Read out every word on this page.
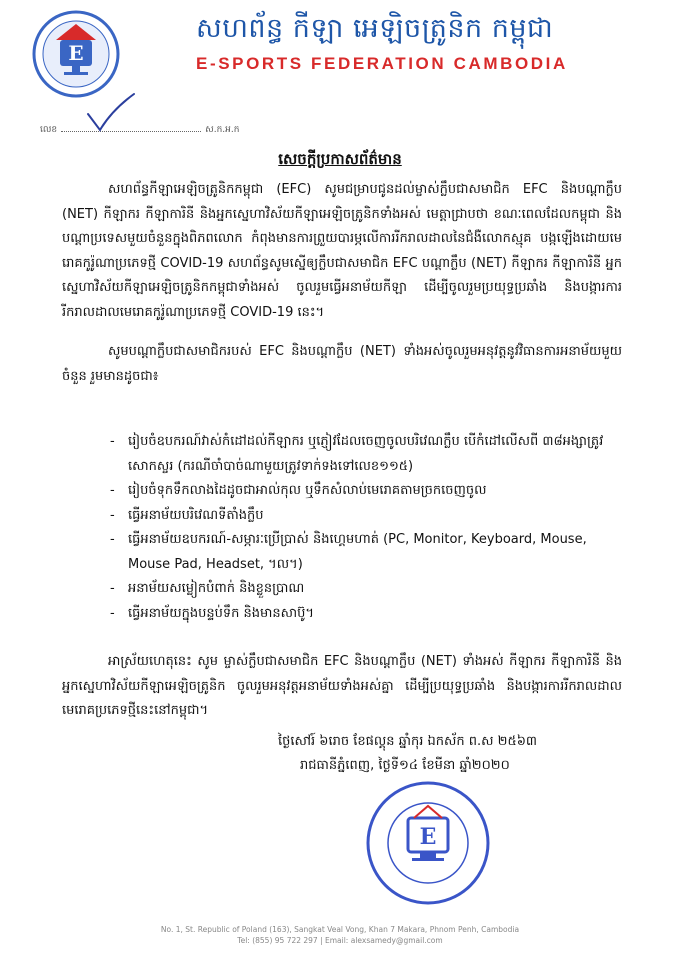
E
សហព័ន្ធ កីឡា អេឡិចត្រូនិក កម្ពុជា
E-SPORTS FEDERATION CAMBODIA
លេខ	ស.ក.អ.ក
សេចក្តីប្រកាសព័ត៌មាន
សហព័ន្ធកីឡាអេឡិចត្រូនិកកម្ពុជា (EFC) សូមជម្រាបជូនដល់ម្ចាស់ក្លឹបជាសមាជិក EFC និងបណ្តាក្លឹប (NET) កីឡាករ កីឡាការិនី និងអ្នកស្នេហាវិស័យកីឡាអេឡិចត្រូនិកទាំងអស់ មេត្តាជ្រាបថា ខណៈពេលដែលកម្ពុជា និងបណ្តាប្រទេសមួយចំនួនក្នុងពិភពលោក កំពុងមានការព្រួយបារម្ភលើការរីករាលដាលនៃជំងឺលោកស្មុគ បង្កឡើងដោយមេរោគកូរ៉ូណាប្រភេទថ្មី COVID-19 សហព័ន្ធសូមស្នើឲ្យក្លឹបជាសមាជិក EFC បណ្តាក្លឹប (NET) កីឡាករ កីឡាការិនី អ្នកស្នេហាវិស័យកីឡាអេឡិចត្រូនិកកម្ពុជាទាំងអស់ ចូលរួមធ្វើអនាម័យកីឡា ដើម្បីចូលរួមប្រយុទ្ធប្រឆាំង និងបង្ការការរីករាលដាលមេរោគកូរ៉ូណាប្រភេទថ្មី COVID-19 នេះ។
សូមបណ្តាក្លឹបជាសមាជិករបស់ EFC និងបណ្តាក្លឹប (NET) ទាំងអស់ចូលរួមអនុវត្តនូវវិធានការអនាម័យមួយចំនួន រួមមានដូចជា៖
- រៀបចំឧបករណ៍វាស់កំដៅដល់កីឡាករ ឬភ្ញៀវដែលចេញចូលបរិវេណក្លឹប បើកំដៅលើសពី ៣៨អង្សាត្រូវសោកស្ចរ (ករណីចាំបាច់ណាមួយត្រូវទាក់ទងទៅលេខ១១៥)
- រៀបចំទុកទឹកលាងដៃដូចជាអាល់កុល ឬទឹកសំលាប់មេរោគតាមច្រកចេញចូល
- ធ្វើអនាម័យបរិវេណទីតាំងក្លឹប
- ធ្វើអនាម័យឧបករណ៍-សម្ភារៈប្រើប្រាស់ និងហ្គេមហាត់ (PC, Monitor, Keyboard, Mouse, Mouse Pad, Headset, ។ល។)
- អនាម័យសម្លៀកបំពាក់ និងខ្លួនប្រាណ
- ធ្វើអនាម័យក្នុងបន្ទប់ទឹក និងមានសាប៊ូ។
អាស្រ័យហេតុនេះ សូម ម្ចាស់ក្លឹបជាសមាជិក EFC និងបណ្តាក្លឹប (NET) ទាំងអស់ កីឡាករ កីឡាការិនី និងអ្នកស្នេហាវិស័យកីឡាអេឡិចត្រូនិក ចូលរួមអនុវត្តអនាម័យទាំងអស់គ្នា ដើម្បីប្រយុទ្ធប្រឆាំង និងបង្ការការរីករាលដាលមេរោគប្រភេទថ្មីនេះនៅកម្ពុជា។
ថ្ងៃសៅរ៍ ៦រោច ខែផល្គុន ឆ្នាំកុរ ឯកស័ក ព.ស ២៥៦៣
រាជធានីភ្នំពេញ, ថ្ងៃទី១៤ ខែមីនា ឆ្នាំ២០២០
E
No. 1, St. Republic of Poland (163), Sangkat Veal Vong, Khan 7 Makara, Phnom Penh, Cambodia
Tel: (855) 95 722 297 | Email: alexsamedy@gmail.com
